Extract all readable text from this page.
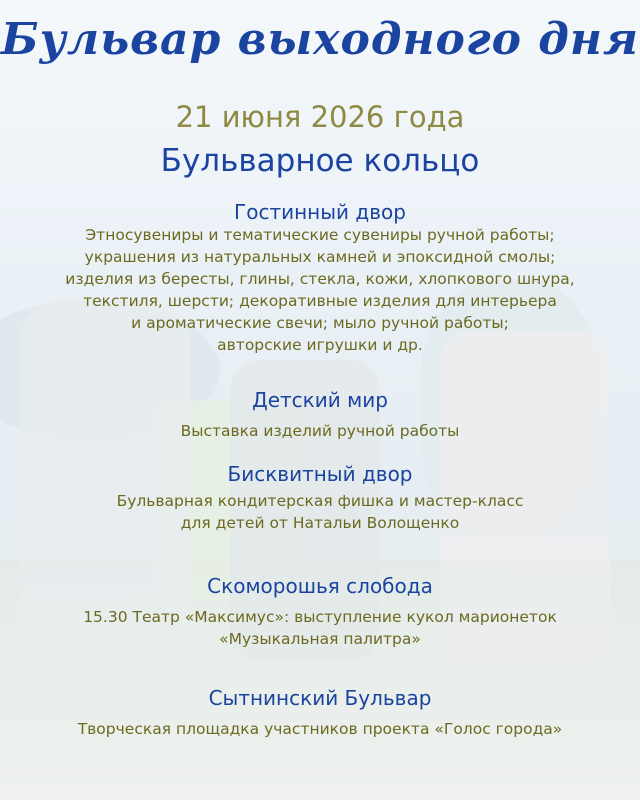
Бульвар выходного дня
21 июня 2026 года
Бульварное кольцо
Гостинный двор
Этносувениры и тематические сувениры ручной работы;
украшения из натуральных камней и эпоксидной смолы;
изделия из бересты, глины, стекла, кожи, хлопкового шнура,
текстиля, шерсти; декоративные изделия для интерьера
и ароматические свечи; мыло ручной работы;
авторские игрушки и др.
Детский мир
Выставка изделий ручной работы
Бисквитный двор
Бульварная кондитерская фишка и мастер-класс
для детей от Натальи Волощенко
Скоморошья слобода
15.30 Театр «Максимус»: выступление кукол марионеток
«Музыкальная палитра»
Сытнинский Бульвар
Творческая площадка участников проекта «Голос города»
